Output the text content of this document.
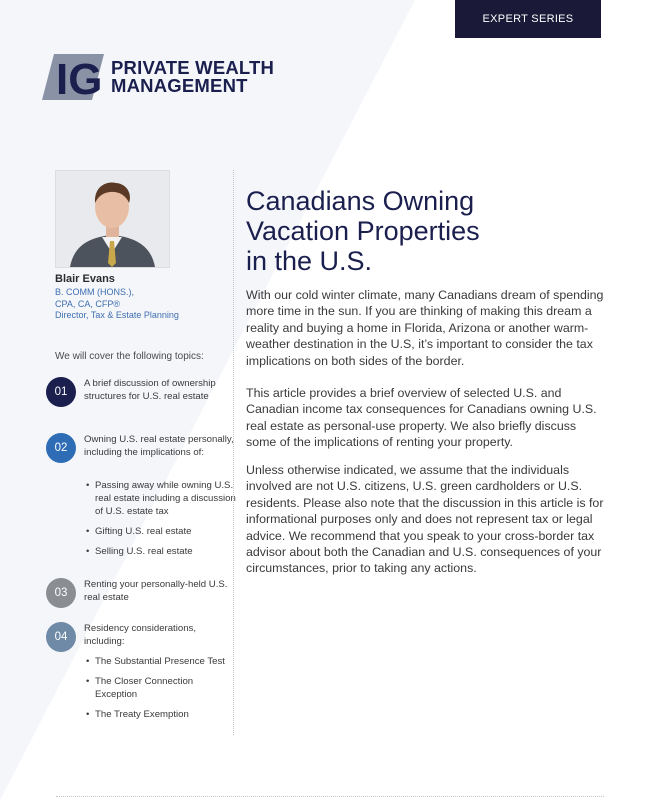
EXPERT SERIES
IG PRIVATE WEALTH
MANAGEMENT
Blair Evans
B. COMM (HONS.),
CPA, CA, CFP®
Director, Tax & Estate Planning
We will cover the following topics:
01
A brief discussion of ownership structures for U.S. real estate
02
Owning U.S. real estate personally, including the implications of:
• Passing away while owning U.S. real estate including a discussion of U.S. estate tax
• Gifting U.S. real estate
• Selling U.S. real estate
03
Renting your personally-held U.S. real estate
04
Residency considerations, including:
• The Substantial Presence Test
• The Closer Connection Exception
• The Treaty Exemption
Canadians Owning
Vacation Properties
in the U.S.

With our cold winter climate, many Canadians dream of spending more time in the sun. If you are thinking of making this dream a reality and buying a home in Florida, Arizona or another warm-weather destination in the U.S, it’s important to consider the tax implications on both sides of the border.

This article provides a brief overview of selected U.S. and Canadian income tax consequences for Canadians owning U.S. real estate as personal-use property. We also briefly discuss some of the implications of renting your property.

Unless otherwise indicated, we assume that the individuals involved are not U.S. citizens, U.S. green cardholders or U.S. residents. Please also note that the discussion in this article is for informational purposes only and does not represent tax or legal advice. We recommend that you speak to your cross-border tax advisor about both the Canadian and U.S. consequences of your circumstances, prior to taking any actions.
